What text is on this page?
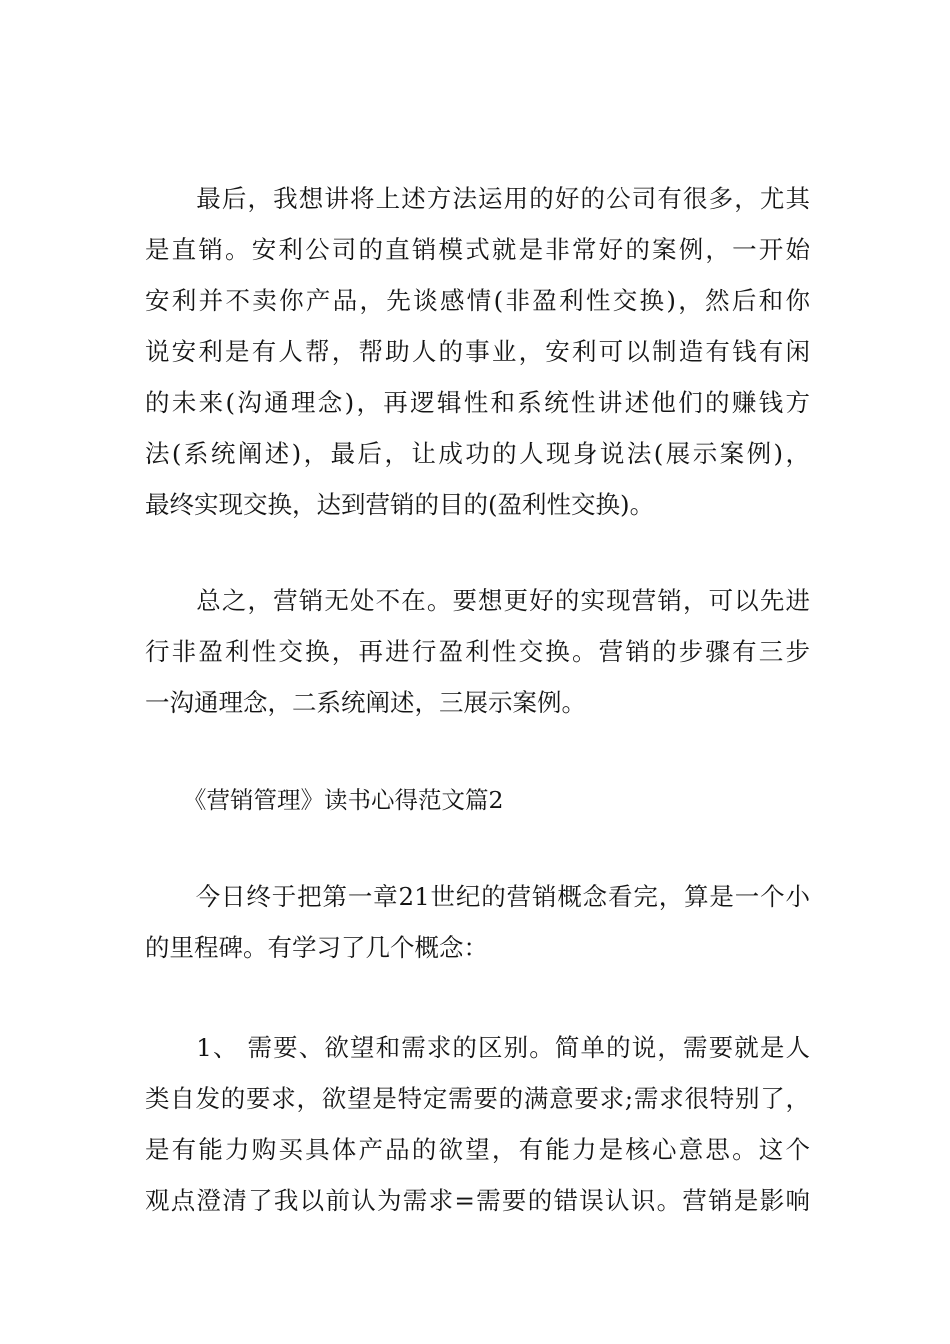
　　最后，我想讲将上述方法运用的好的公司有很多，尤其
是直销。安利公司的直销模式就是非常好的案例，一开始
安利并不卖你产品，先谈感情(非盈利性交换)，然后和你
说安利是有人帮，帮助人的事业，安利可以制造有钱有闲
的未来(沟通理念)，再逻辑性和系统性讲述他们的赚钱方
法(系统阐述)，最后，让成功的人现身说法(展示案例)，
最终实现交换，达到营销的目的(盈利性交换)。
　　总之，营销无处不在。要想更好的实现营销，可以先进
行非盈利性交换，再进行盈利性交换。营销的步骤有三步
一沟通理念，二系统阐述，三展示案例。
《营销管理》读书心得范文篇2
　　今日终于把第一章21世纪的营销概念看完，算是一个小
的里程碑。有学习了几个概念：
　　1、 需要、欲望和需求的区别。简单的说，需要就是人
类自发的要求，欲望是特定需要的满意要求;需求很特别了，
是有能力购买具体产品的欲望，有能力是核心意思。这个
观点澄清了我以前认为需求=需要的错误认识。营销是影响
